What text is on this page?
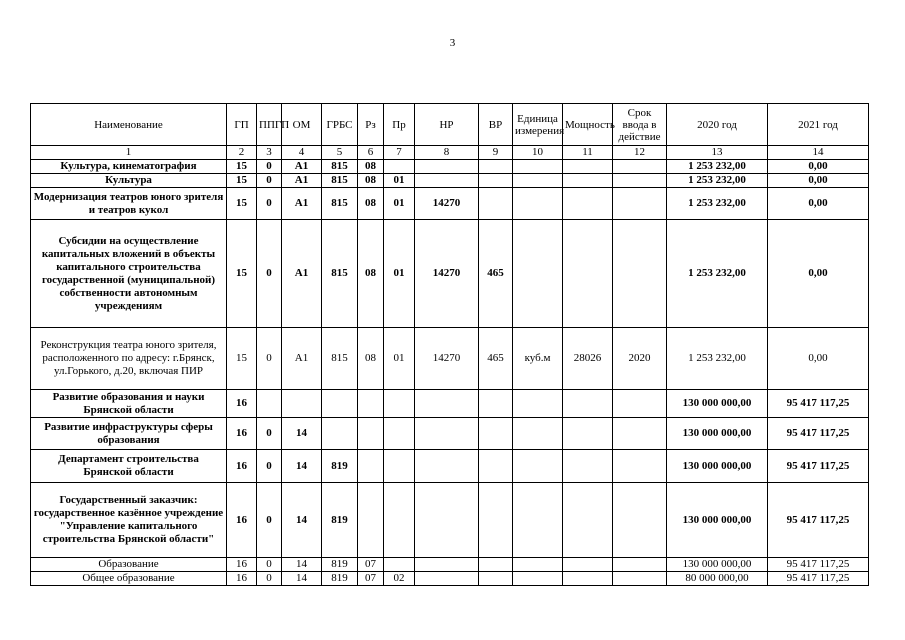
3
Наименование	ГП	ППГП	ОМ	ГРБС	Рз	Пр	НР	ВР	Единица измерения	Мощность	Срок ввода в действие	2020 год	2021 год
1	2	3	4	5	6	7	8	9	10	11	12	13	14
Культура, кинематография	15	0	А1	815	08							1 253 232,00	0,00
Культура	15	0	А1	815	08	01						1 253 232,00	0,00
Модернизация театров юного зрителя и театров кукол	15	0	А1	815	08	01	14270					1 253 232,00	0,00
Субсидии на осуществление капитальных вложений в объекты капитального строительства государственной (муниципальной) собственности автономным учреждениям	15	0	А1	815	08	01	14270	465				1 253 232,00	0,00
Реконструкция театра юного зрителя, расположенного по адресу: г.Брянск, ул.Горького, д.20, включая ПИР	15	0	А1	815	08	01	14270	465	куб.м	28026	2020	1 253 232,00	0,00
Развитие образования и науки Брянской области	16											130 000 000,00	95 417 117,25
Развитие инфраструктуры сферы образования	16	0	14									130 000 000,00	95 417 117,25
Департамент строительства Брянской области	16	0	14	819								130 000 000,00	95 417 117,25
Государственный заказчик: государственное казённое учреждение "Управление капитального строительства Брянской области"	16	0	14	819								130 000 000,00	95 417 117,25
Образование	16	0	14	819	07							130 000 000,00	95 417 117,25
Общее образование	16	0	14	819	07	02						80 000 000,00	95 417 117,25
